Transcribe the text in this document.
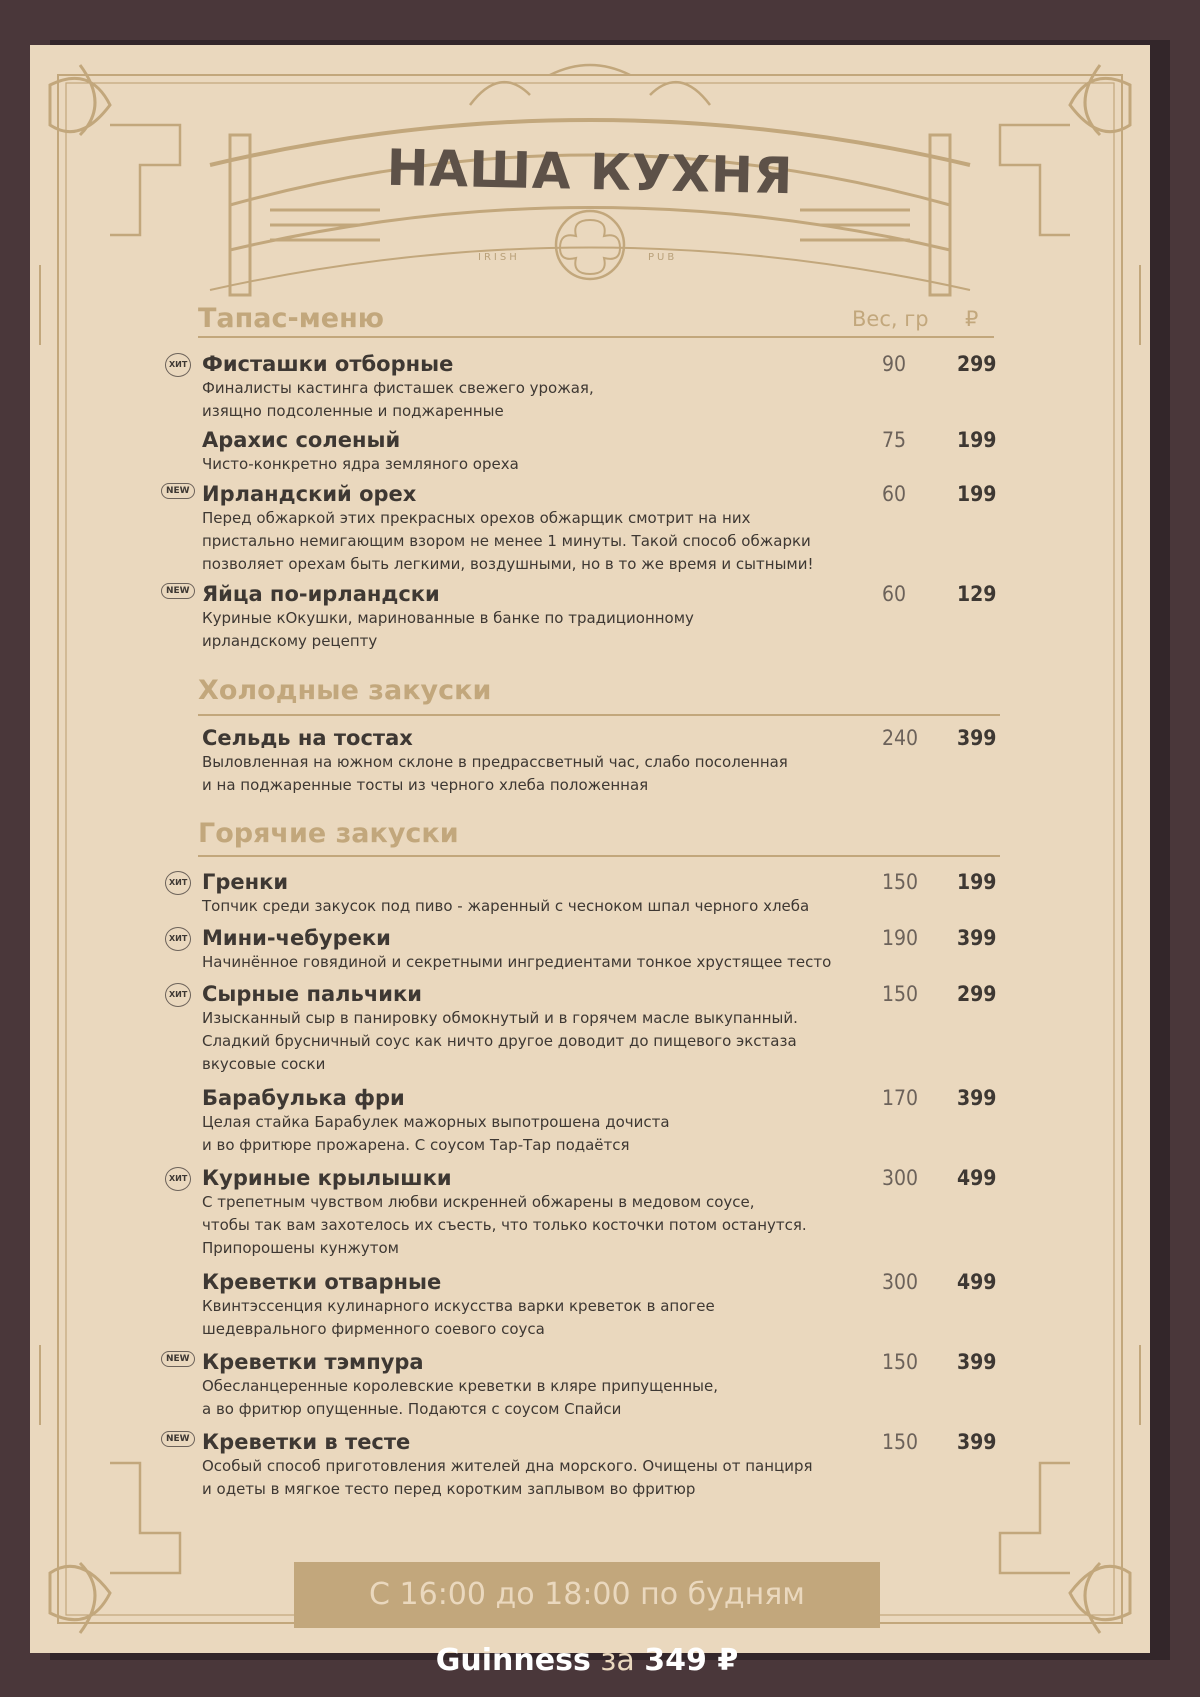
НАША КУХНЯ
IRISH	PUB
Тапас-меню	Вес, гр ₽
ХИТ Фисташки отборные
Финалисты кастинга фисташек свежего урожая,
изящно подсоленные и поджаренные
90 299
Арахис соленый
Чисто-конкретно ядра земляного ореха
75 199
NEW Ирландский орех
Перед обжаркой этих прекрасных орехов обжарщик смотрит на них
пристально немигающим взором не менее 1 минуты. Такой способ обжарки
позволяет орехам быть легкими, воздушными, но в то же время и сытными!
60 199
NEW Яйца по-ирландски
Куриные кОкушки, маринованные в банке по традиционному
ирландскому рецепту
60 129
Холодные закуски
Сельдь на тостах
Выловленная на южном склоне в предрассветный час, слабо посоленная
и на поджаренные тосты из черного хлеба положенная
240 399
Горячие закуски
ХИТ Гренки
Топчик среди закусок под пиво - жаренный с чесноком шпал черного хлеба
150 199
ХИТ Мини-чебуреки
Начинённое говядиной и секретными ингредиентами тонкое хрустящее тесто
190 399
ХИТ Сырные пальчики
Изысканный сыр в панировку обмокнутый и в горячем масле выкупанный.
Сладкий брусничный соус как ничто другое доводит до пищевого экстаза
вкусовые соски
150 299
Барабулька фри
Целая стайка Барабулек мажорных выпотрошена дочиста
и во фритюре прожарена. С соусом Тар-Тар подаётся
170 399
ХИТ Куриные крылышки
С трепетным чувством любви искренней обжарены в медовом соусе,
чтобы так вам захотелось их съесть, что только косточки потом останутся.
Припорошены кунжутом
300 499
Креветки отварные
Квинтэссенция кулинарного искусства варки креветок в апогее
шедеврального фирменного соевого соуса
300 499
NEW Креветки тэмпура
Обесланцеренные королевские креветки в кляре припущенные,
а во фритюр опущенные. Подаются с соусом Спайси
150 399
NEW Креветки в тесте
Особый способ приготовления жителей дна морского. Очищены от панциря
и одеты в мягкое тесто перед коротким заплывом во фритюр
150 399
С 16:00 до 18:00 по будням Guinness за 349 ₽
